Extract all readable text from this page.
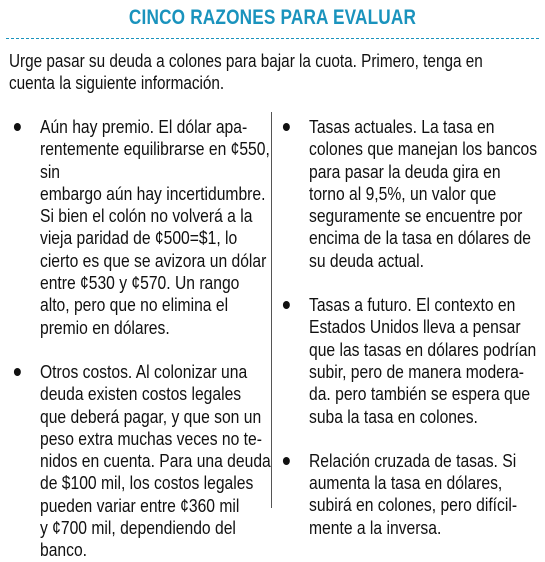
CINCO RAZONES PARA EVALUAR
Urge pasar su deuda a colones para bajar la cuota. Primero, tenga en cuenta la siguiente información.

Aún hay premio. El dólar apa-
rentemente equilibrarse en ¢550, sin
embargo aún hay incertidumbre.
Si bien el colón no volverá a la
vieja paridad de ¢500=$1, lo
cierto es que se avizora un dólar
entre ¢530 y ¢570. Un rango
alto, pero que no elimina el
premio en dólares.

Otros costos. Al colonizar una
deuda existen costos legales
que deberá pagar, y que son un
peso extra muchas veces no te-
nidos en cuenta. Para una deuda
de $100 mil, los costos legales
pueden variar entre ¢360 mil
y ¢700 mil, dependiendo del
banco.

Tasas actuales. La tasa en
colones que manejan los bancos
para pasar la deuda gira en
torno al 9,5%, un valor que
seguramente se encuentre por
encima de la tasa en dólares de
su deuda actual.

Tasas a futuro. El contexto en
Estados Unidos lleva a pensar
que las tasas en dólares podrían
subir, pero de manera modera-
da. pero también se espera que
suba la tasa en colones.

Relación cruzada de tasas. Si
aumenta la tasa en dólares,
subirá en colones, pero difícil-
mente a la inversa.
